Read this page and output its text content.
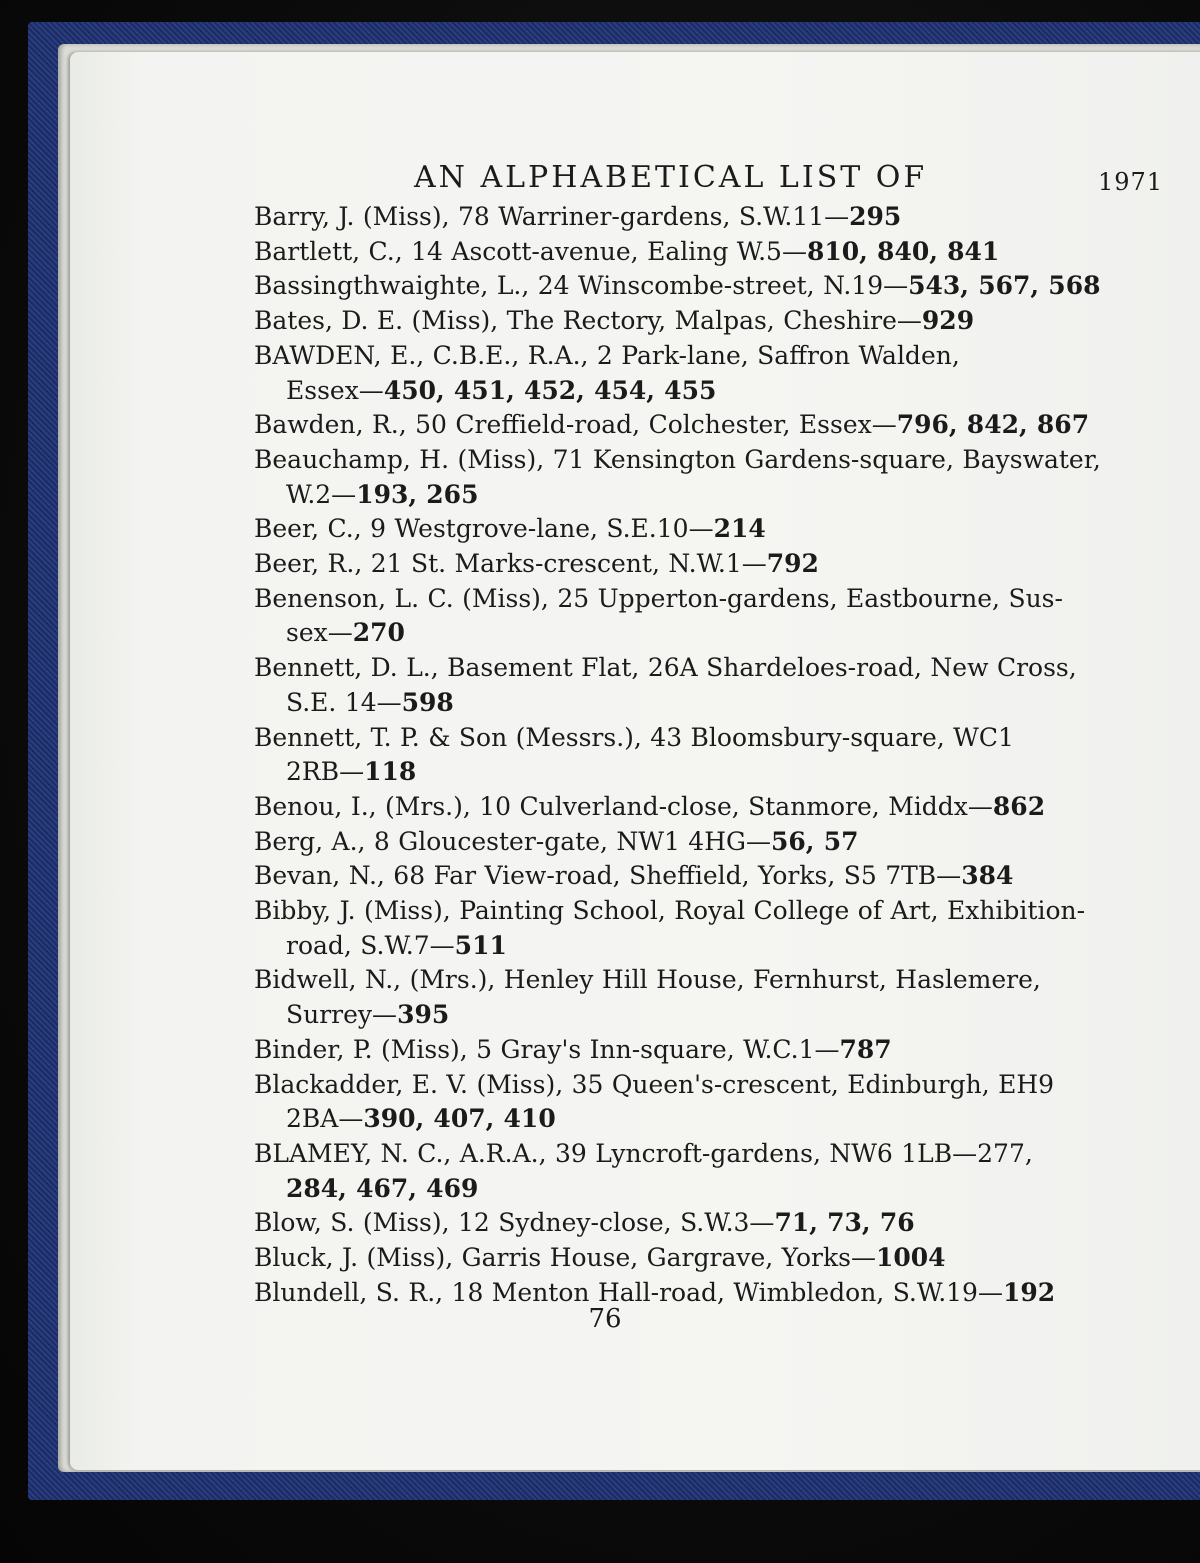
AN ALPHABETICAL LIST OF	1971

Barry, J. (Miss), 78 Warriner-gardens, S.W.11—295

Bartlett, C., 14 Ascott-avenue, Ealing W.5—810, 840, 841

Bassingthwaighte, L., 24 Winscombe-street, N.19—543, 567, 568

Bates, D. E. (Miss), The Rectory, Malpas, Cheshire—929

BAWDEN, E., C.B.E., R.A., 2 Park-lane, Saffron Walden,
Essex—450, 451, 452, 454, 455

Bawden, R., 50 Creffield-road, Colchester, Essex—796, 842, 867

Beauchamp, H. (Miss), 71 Kensington Gardens-square, Bayswater,
W.2—193, 265

Beer, C., 9 Westgrove-lane, S.E.10—214

Beer, R., 21 St. Marks-crescent, N.W.1—792

Benenson, L. C. (Miss), 25 Upperton-gardens, Eastbourne, Sus-
sex—270

Bennett, D. L., Basement Flat, 26A Shardeloes-road, New Cross,
S.E. 14—598

Bennett, T. P. & Son (Messrs.), 43 Bloomsbury-square, WC1
2RB—118

Benou, I., (Mrs.), 10 Culverland-close, Stanmore, Middx—862

Berg, A., 8 Gloucester-gate, NW1 4HG—56, 57

Bevan, N., 68 Far View-road, Sheffield, Yorks, S5 7TB—384

Bibby, J. (Miss), Painting School, Royal College of Art, Exhibition-
road, S.W.7—511

Bidwell, N., (Mrs.), Henley Hill House, Fernhurst, Haslemere,
Surrey—395

Binder, P. (Miss), 5 Gray's Inn-square, W.C.1—787

Blackadder, E. V. (Miss), 35 Queen's-crescent, Edinburgh, EH9
2BA—390, 407, 410

BLAMEY, N. C., A.R.A., 39 Lyncroft-gardens, NW6 1LB—277,
284, 467, 469

Blow, S. (Miss), 12 Sydney-close, S.W.3—71, 73, 76

Bluck, J. (Miss), Garris House, Gargrave, Yorks—1004

Blundell, S. R., 18 Menton Hall-road, Wimbledon, S.W.19—192

76
